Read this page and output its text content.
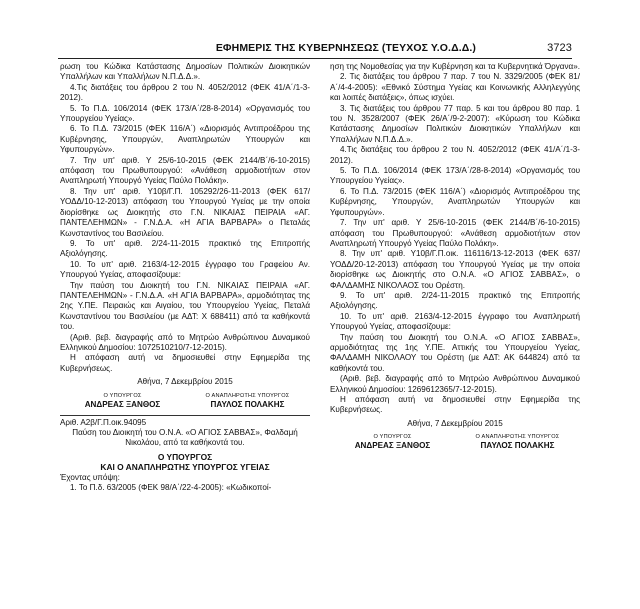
ΕΦΗΜΕΡΙΣ ΤΗΣ ΚΥΒΕΡΝΗΣΕΩΣ (ΤΕΥΧΟΣ Υ.Ο.Δ.Δ.)	3723

ρωση του Κώδικα Κατάστασης Δημοσίων Πολιτικών Διοικητικών Υπαλλήλων και Υπαλλήλων Ν.Π.Δ.Δ.».

4.Τις διατάξεις του άρθρου 2 του Ν. 4052/2012 (ΦΕΚ 41/Α΄/1-3-2012).

5. Το Π.Δ. 106/2014 (ΦΕΚ 173/Α΄/28-8-2014) «Οργανισμός του Υπουργείου Υγείας».

6. Το Π.Δ. 73/2015 (ΦΕΚ 116/Α΄) «Διορισμός Αντιπροέδρου της Κυβέρνησης, Υπουργών, Αναπληρωτών Υπουργών και Υφυπουργών».

7. Την υπ' αριθ. Υ 25/6-10-2015 (ΦΕΚ 2144/Β΄/6-10-2015) απόφαση του Πρωθυπουργού: «Ανάθεση αρμοδιοτήτων στον Αναπληρωτή Υπουργό Υγείας Παύλο Πολάκη».

8. Την υπ' αριθ. Υ10β/Γ.Π. 105292/26-11-2013 (ΦΕΚ 617/ΥΟΔΔ/10-12-2013) απόφαση του Υπουργού Υγείας με την οποία διορίσθηκε ως Διοικητής στο Γ.Ν. ΝΙΚΑΙΑΣ ΠΕΙΡΑΙΑ «ΑΓ. ΠΑΝΤΕΛΕΗΜΩΝ» - Γ.Ν.Δ.Α. «Η ΑΓΙΑ ΒΑΡΒΑΡΑ» ο Πεταλάς Κωνσταντίνος του Βασιλείου.

9. Το υπ' αριθ. 2/24-11-2015 πρακτικό της Επιτροπής Αξιολόγησης.

10. Το υπ' αριθ. 2163/4-12-2015 έγγραφο του Γραφείου Αν. Υπουργού Υγείας, αποφασίζουμε:

Την παύση του Διοικητή του Γ.Ν. ΝΙΚΑΙΑΣ ΠΕΙΡΑΙΑ «ΑΓ. ΠΑΝΤΕΛΕΗΜΩΝ» - Γ.Ν.Δ.Α. «Η ΑΓΙΑ ΒΑΡΒΑΡΑ», αρμοδιότητας της 2ης Υ.ΠΕ. Πειραιώς και Αιγαίου, του Υπουργείου Υγείας, Πεταλά Κωνσταντίνου του Βασιλείου (με ΑΔΤ: Χ 688411) από τα καθήκοντά του.

(Αριθ. βεβ. διαγραφής από το Μητρώο Ανθρώπινου Δυναμικού Ελληνικού Δημοσίου: 1072510210/7-12-2015).

Η απόφαση αυτή να δημοσιευθεί στην Εφημερίδα της Κυβερνήσεως.

Αθήνα, 7 Δεκεμβρίου 2015

Ο ΥΠΟΥΡΓΟΣ
ΑΝΔΡΕΑΣ ΞΑΝΘΟΣ
Ο ΑΝΑΠΛΗΡΩΤΗΣ ΥΠΟΥΡΓΟΣ
ΠΑΥΛΟΣ ΠΟΛΑΚΗΣ

Αριθ. Α2β/Γ.Π.οικ.94095

Παύση του Διοικητή του Ο.Ν.Α. «Ο ΑΓΙΟΣ ΣΑΒΒΑΣ», Φαλδαμή Νικολάου, από τα καθήκοντά του.

Ο ΥΠΟΥΡΓΟΣ
ΚΑΙ Ο ΑΝΑΠΛΗΡΩΤΗΣ ΥΠΟΥΡΓΟΣ ΥΓΕΙΑΣ

Έχοντας υπόψη:

1. Το Π.δ. 63/2005 (ΦΕΚ 98/Α΄/22-4-2005): «Κωδικοποί-

ηση της Νομοθεσίας για την Κυβέρνηση και τα Κυβερνητικά Όργανα».

2. Τις διατάξεις του άρθρου 7 παρ. 7 του Ν. 3329/2005 (ΦΕΚ 81/Α΄/4-4-2005): «Εθνικό Σύστημα Υγείας και Κοινωνικής Αλληλεγγύης και λοιπές διατάξεις», όπως ισχύει.

3. Τις διατάξεις του άρθρου 77 παρ. 5 και του άρθρου 80 παρ. 1 του Ν. 3528/2007 (ΦΕΚ 26/Α΄/9-2-2007): «Κύρωση του Κώδικα Κατάστασης Δημοσίων Πολιτικών Διοικητικών Υπαλλήλων και Υπαλλήλων Ν.Π.Δ.Δ.».

4.Τις διατάξεις του άρθρου 2 του Ν. 4052/2012 (ΦΕΚ 41/Α΄/1-3-2012).

5. Το Π.Δ. 106/2014 (ΦΕΚ 173/Α΄/28-8-2014) «Οργανισμός του Υπουργείου Υγείας».

6. Το Π.Δ. 73/2015 (ΦΕΚ 116/Α΄) «Διορισμός Αντιπροέδρου της Κυβέρνησης, Υπουργών, Αναπληρωτών Υπουργών και Υφυπουργών».

7. Την υπ' αριθ. Υ 25/6-10-2015 (ΦΕΚ 2144/Β΄/6-10-2015) απόφαση του Πρωθυπουργού: «Ανάθεση αρμοδιοτήτων στον Αναπληρωτή Υπουργό Υγείας Παύλο Πολάκη».

8. Την υπ' αριθ. Υ10β/Γ.Π.οικ. 116116/13-12-2013 (ΦΕΚ 637/ΥΟΔΔ/20-12-2013) απόφαση του Υπουργού Υγείας με την οποία διορίσθηκε ως Διοικητής στο Ο.Ν.Α. «Ο ΑΓΙΟΣ ΣΑΒΒΑΣ», ο ΦΑΛΔΑΜΗΣ ΝΙΚΟΛΑΟΣ του Ορέστη.

9. Το υπ' αριθ. 2/24-11-2015 πρακτικό της Επιτροπής Αξιολόγησης.

10. Το υπ' αριθ. 2163/4-12-2015 έγγραφο του Αναπληρωτή Υπουργού Υγείας, αποφασίζουμε:

Την παύση του Διοικητή του Ο.Ν.Α. «Ο ΑΓΙΟΣ ΣΑΒΒΑΣ», αρμοδιότητας της 1ης Υ.ΠΕ. Αττικής του Υπουργείου Υγείας, ΦΑΛΔΑΜΗ ΝΙΚΟΛΑΟΥ του Ορέστη (με ΑΔΤ: ΑΚ 644824) από τα καθήκοντά του.

(Αριθ. βεβ. διαγραφής από το Μητρώο Ανθρώπινου Δυναμικού Ελληνικού Δημοσίου: 1269612365/7-12-2015).

Η απόφαση αυτή να δημοσιευθεί στην Εφημερίδα της Κυβερνήσεως.

Αθήνα, 7 Δεκεμβρίου 2015

Ο ΥΠΟΥΡΓΟΣ
ΑΝΔΡΕΑΣ ΞΑΝΘΟΣ
Ο ΑΝΑΠΛΗΡΩΤΗΣ ΥΠΟΥΡΓΟΣ
ΠΑΥΛΟΣ ΠΟΛΑΚΗΣ
